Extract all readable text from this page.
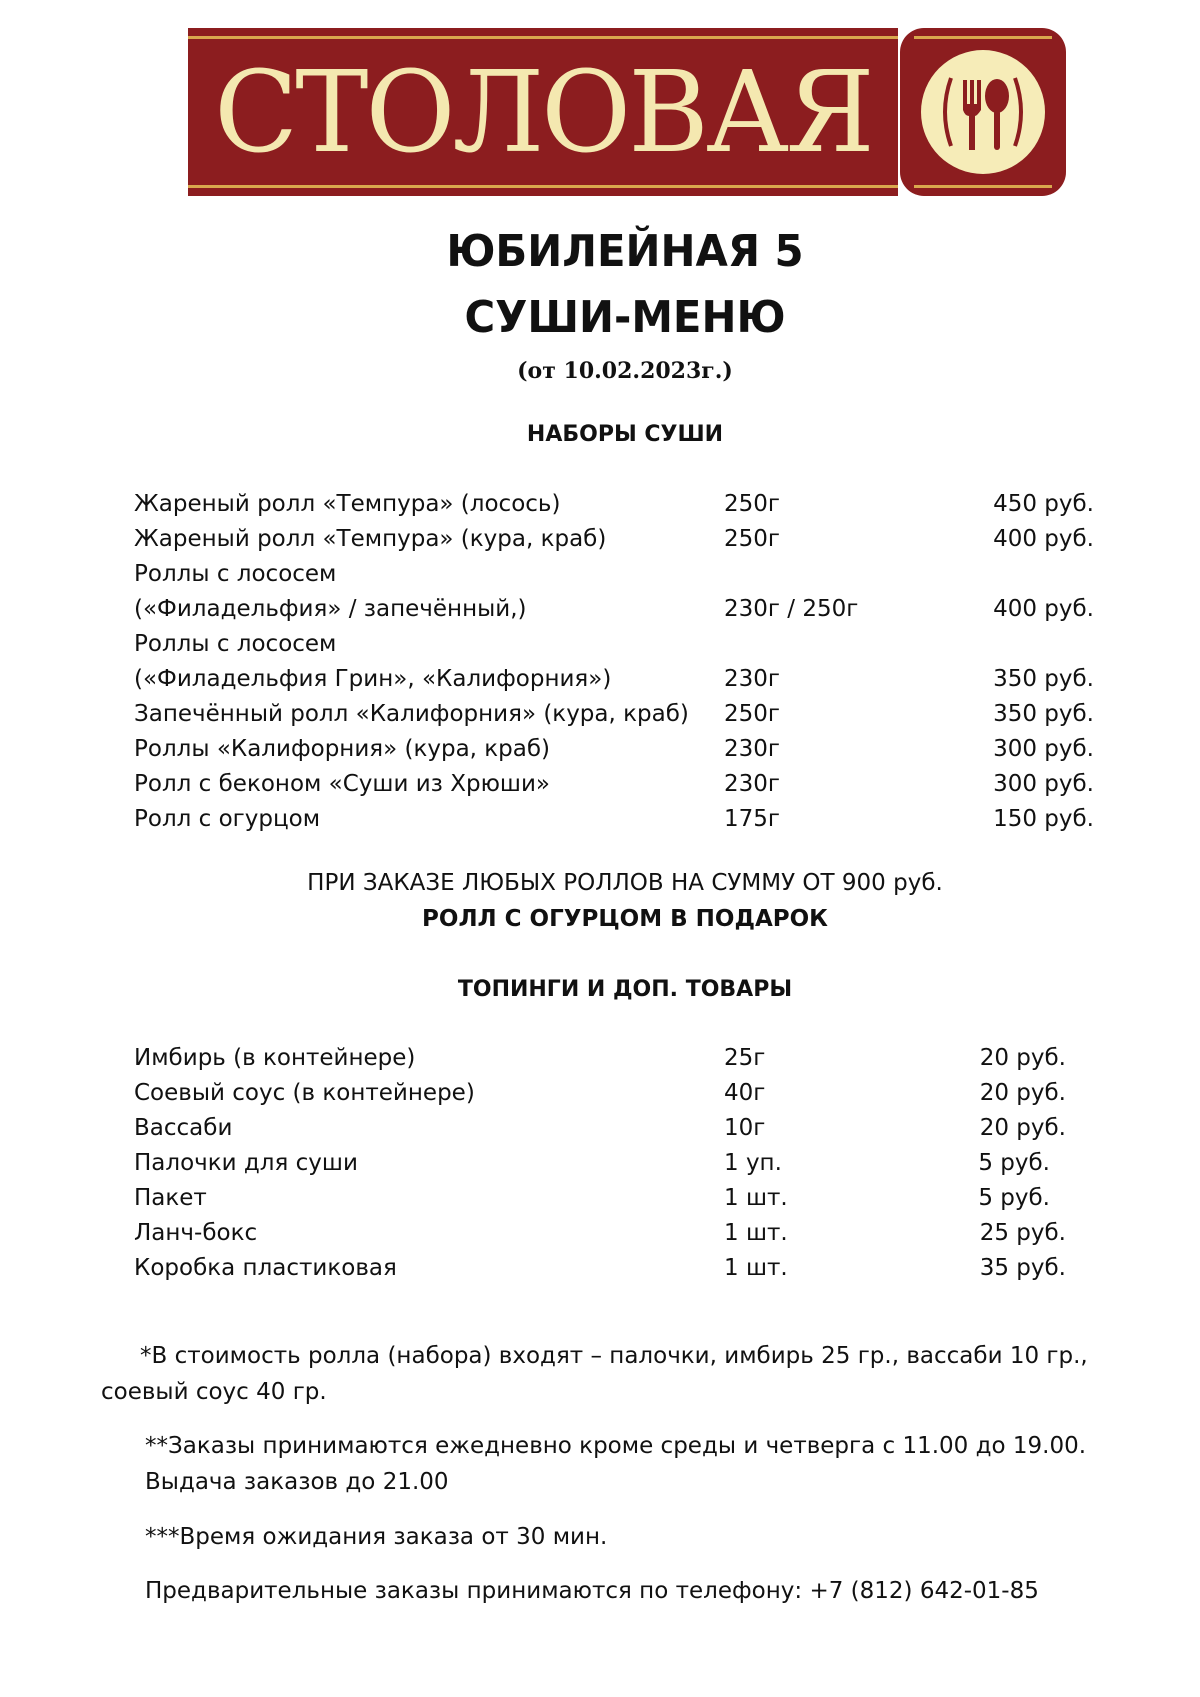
СТОЛОВАЯ
ЮБИЛЕЙНАЯ 5
СУШИ-МЕНЮ
(от 10.02.2023г.)
НАБОРЫ СУШИ
Жареный ролл «Темпура» (лосось)	250г	450 руб.
Жареный ролл «Темпура» (кура, краб)	250г	400 руб.
Роллы с лососем
(«Филадельфия» / запечённый,)	230г / 250г	400 руб.
Роллы с лососем
(«Филадельфия Грин», «Калифорния»)	230г	350 руб.
Запечённый ролл «Калифорния» (кура, краб) 250г	350 руб.
Роллы «Калифорния» (кура, краб)	230г	300 руб.
Ролл с беконом «Суши из Хрюши»	230г	300 руб.
Ролл с огурцом	175г	150 руб.
ПРИ ЗАКАЗЕ ЛЮБЫХ РОЛЛОВ НА СУММУ ОТ 900 руб.
РОЛЛ С ОГУРЦОМ В ПОДАРОК
ТОПИНГИ И ДОП. ТОВАРЫ
Имбирь (в контейнере)	25г	20 руб.
Соевый соус (в контейнере)	40г	20 руб.
Вассаби	10г	20 руб.
Палочки для суши	1 уп.	5 руб.
Пакет	1 шт.	5 руб.
Ланч-бокс	1 шт.	25 руб.
Коробка пластиковая	1 шт.	35 руб.
*В стоимость ролла (набора) входят – палочки, имбирь 25 гр., вассаби 10 гр.,
соевый соус 40 гр.
**Заказы принимаются ежедневно кроме среды и четверга с 11.00 до 19.00.
Выдача заказов до 21.00
***Время ожидания заказа от 30 мин.
Предварительные заказы принимаются по телефону: +7 (812) 642-01-85
